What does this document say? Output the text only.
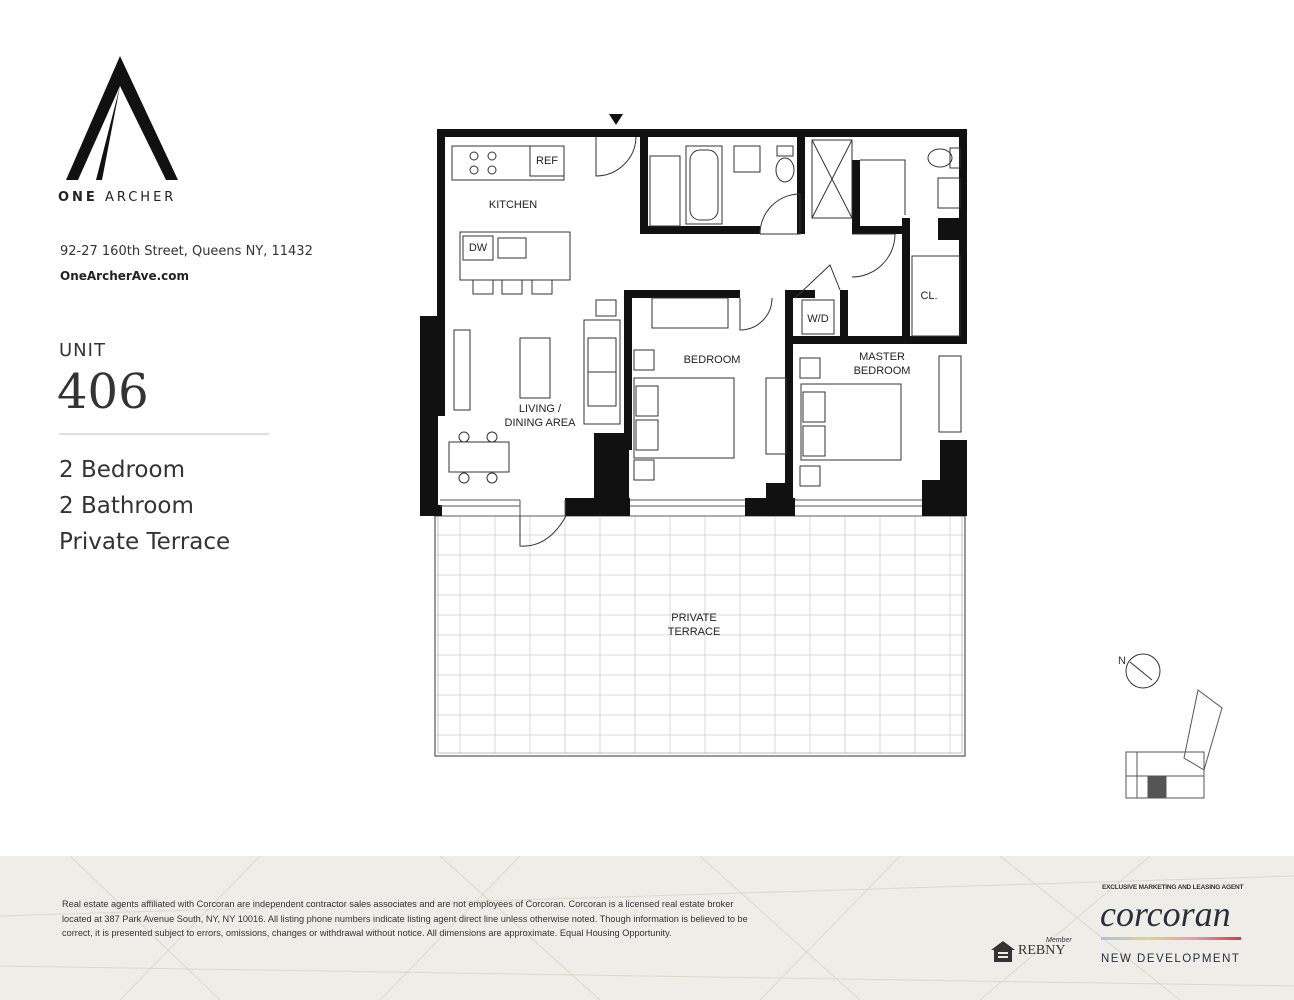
ONE ARCHER
92-27 160th Street, Queens NY, 11432
OneArcherAve.com
UNIT
406
2 Bedroom
2 Bathroom
Private Terrace
N
KITCHEN
REF
DW
LIVING /
DINING AREA
BEDROOM	MASTER
BEDROOM
W/D
CL.
PRIVATE
TERRACE
Real estate agents affiliated with Corcoran are independent contractor sales associates and are not employees of Corcoran. Corcoran is a licensed real estate broker located at 387 Park Avenue South, NY, NY 10016. All listing phone numbers indicate listing agent direct line unless otherwise noted. Though information is believed to be correct, it is presented subject to errors, omissions, changes or withdrawal without notice. All dimensions are approximate. Equal Housing Opportunity.
Member
REBNY
EXCLUSIVE MARKETING AND LEASING AGENT
corcoran
NEW DEVELOPMENT
